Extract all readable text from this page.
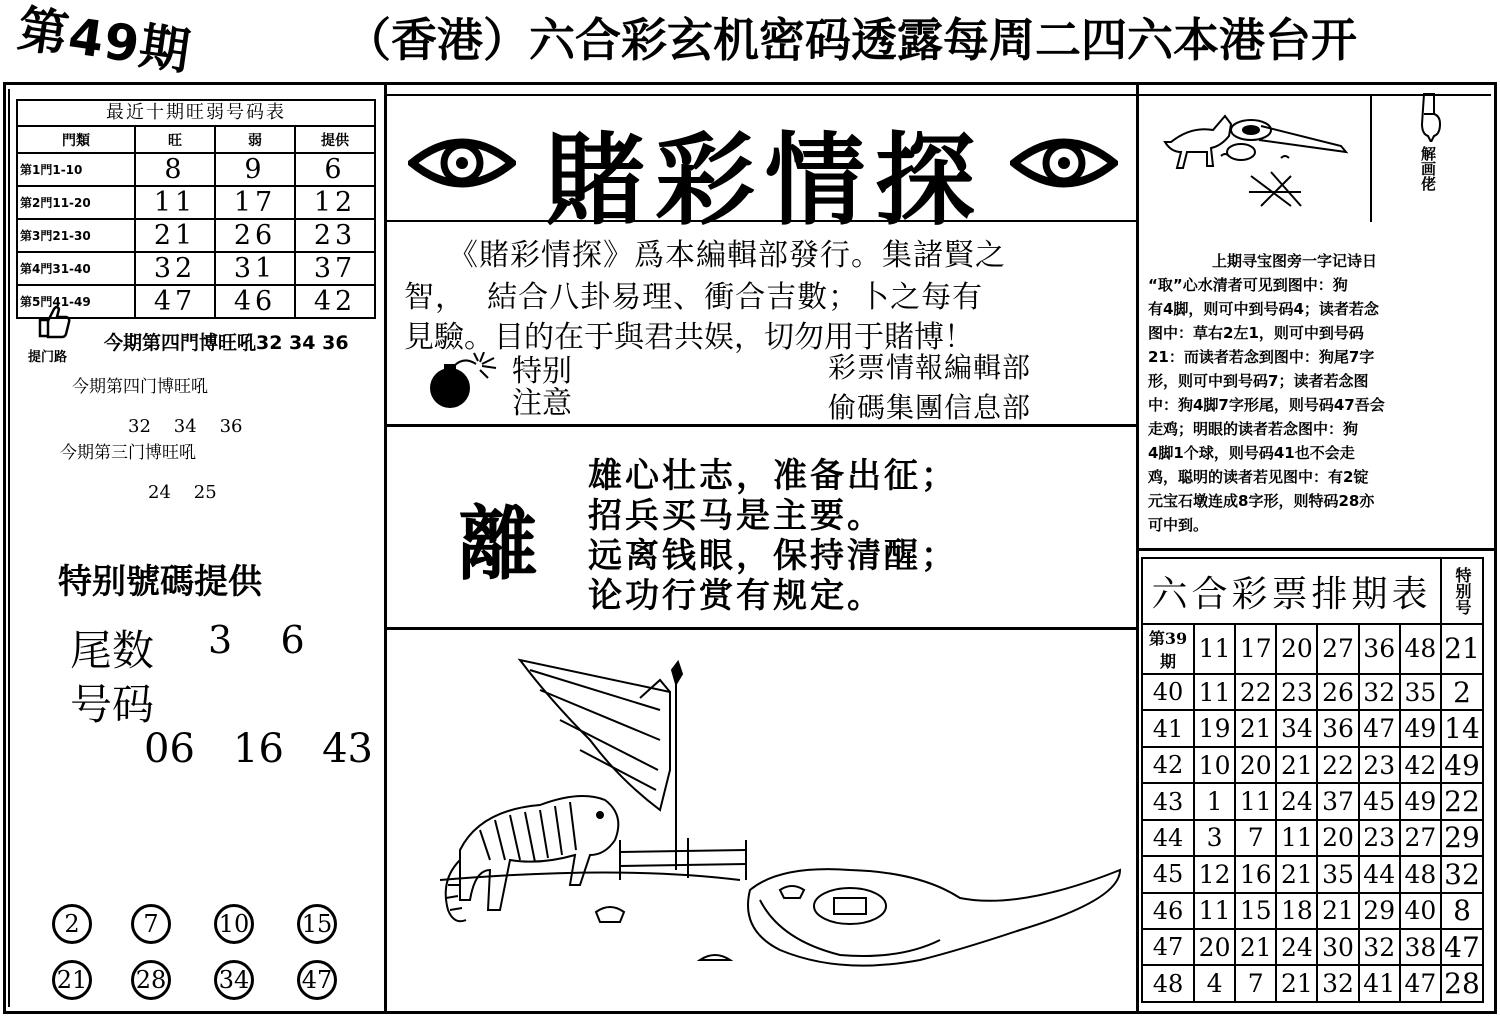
第49期	（香港）六合彩玄机密码透露每周二四六本港台开
最近十期旺弱号码表
門類	旺	弱	提供
第1門1-10	8	9	6
第2門11-20	11	17	12
第3門21-30	21	26	23
第4門31-40	32	31	37
第5門41-49	47	46	42
提门路
今期第四門博旺吼32 34 36
今期第四门博旺吼
32    34    36
今期第三门博旺吼
24    25
特别號碼提供
尾数 3    6
号码
06   16   43
2	7	10 15
21 28 34 47
賭彩情探
《賭彩情探》爲本編輯部發行。集諸賢之
智，  結合八卦易理、衝合吉數；卜之每有
見驗。目的在于與君共娱，切勿用于賭博！
特别
注意
彩票情報編輯部
偷碼集團信息部
離
雄心壮志，准备出征；
招兵买马是主要。
远离钱眼，保持清醒；
论功行赏有规定。
解画佬
上期寻宝图旁一字记诗日
“取”心水清者可见到图中：狗
有4脚，则可中到号码4；读者若念
图中：草右2左1，则可中到号码
21：而读者若念到图中：狗尾7字
形，则可中到号码7；读者若念图
中：狗4脚7字形尾，则号码47吾会
走鸡；明眼的读者若念图中：狗
4脚1个球，则号码41也不会走
鸡，聪明的读者若见图中：有2锭
元宝石墩连成8字形，则特码28亦
可中到。
六合彩票排期表							特别号
第39期	11	17	20	27	36	48	21
40	11	22	23	26	32	35	2
41	19	21	34	36	47	49	14
42	10	20	21	22	23	42	49
43	1	11	24	37	45	49	22
44	3	7	11	20	23	27	29
45	12	16	21	35	44	48	32
46	11	15	18	21	29	40	8
47	20	21	24	30	32	38	47
48	4	7	21	32	41	47	28
